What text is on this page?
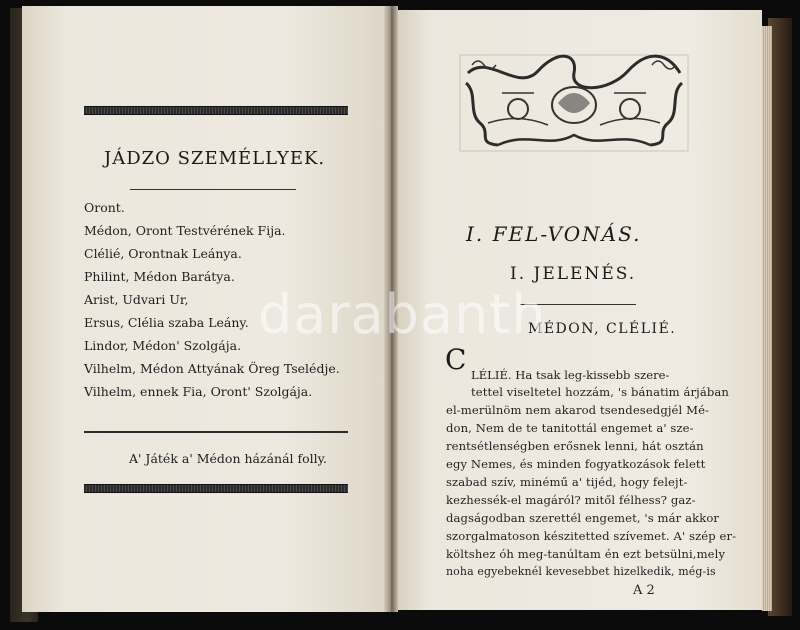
JÁDZO SZEMÉLLYEK.
Oront.
Médon, Oront Testvérének Fija.
Clélié, Orontnak Leánya.
Philint, Médon Barátya.
Arist, Udvari Ur,
Ersus, Clélia szaba Leány.
Lindor, Médon' Szolgája.
Vilhelm, Médon Attyának Öreg Tselédje.
Vilhelm, ennek Fia, Oront' Szolgája.
A' Játék a' Médon házánál folly.
I. FEL-VONÁS.
I. JELENÉS.
MÉDON, CLÉLIÉ.
C LÉLIÉ. Ha tsak leg-kissebb szere-
tettel viseltetel hozzám, 's bánatim árjában
el-merülnöm nem akarod tsendesedgjél Mé-
don, Nem de te tanitottál engemet a' sze-
rentsétlenségben erősnek lenni, hát osztán
egy Nemes, és minden fogyatkozások felett
szabad szív, minémű a' tijéd, hogy felejt-
kezhessék-el magáról? mitől félhess? gaz-
dagságodban szerettél engemet, 's már akkor
szorgalmatoson készitetted szívemet. A' szép er-
költshez óh meg-tanúltam én ezt betsülni,mely
noha egyebeknél kevesebbet hizelkedik, még-is
A 2
darabanth
